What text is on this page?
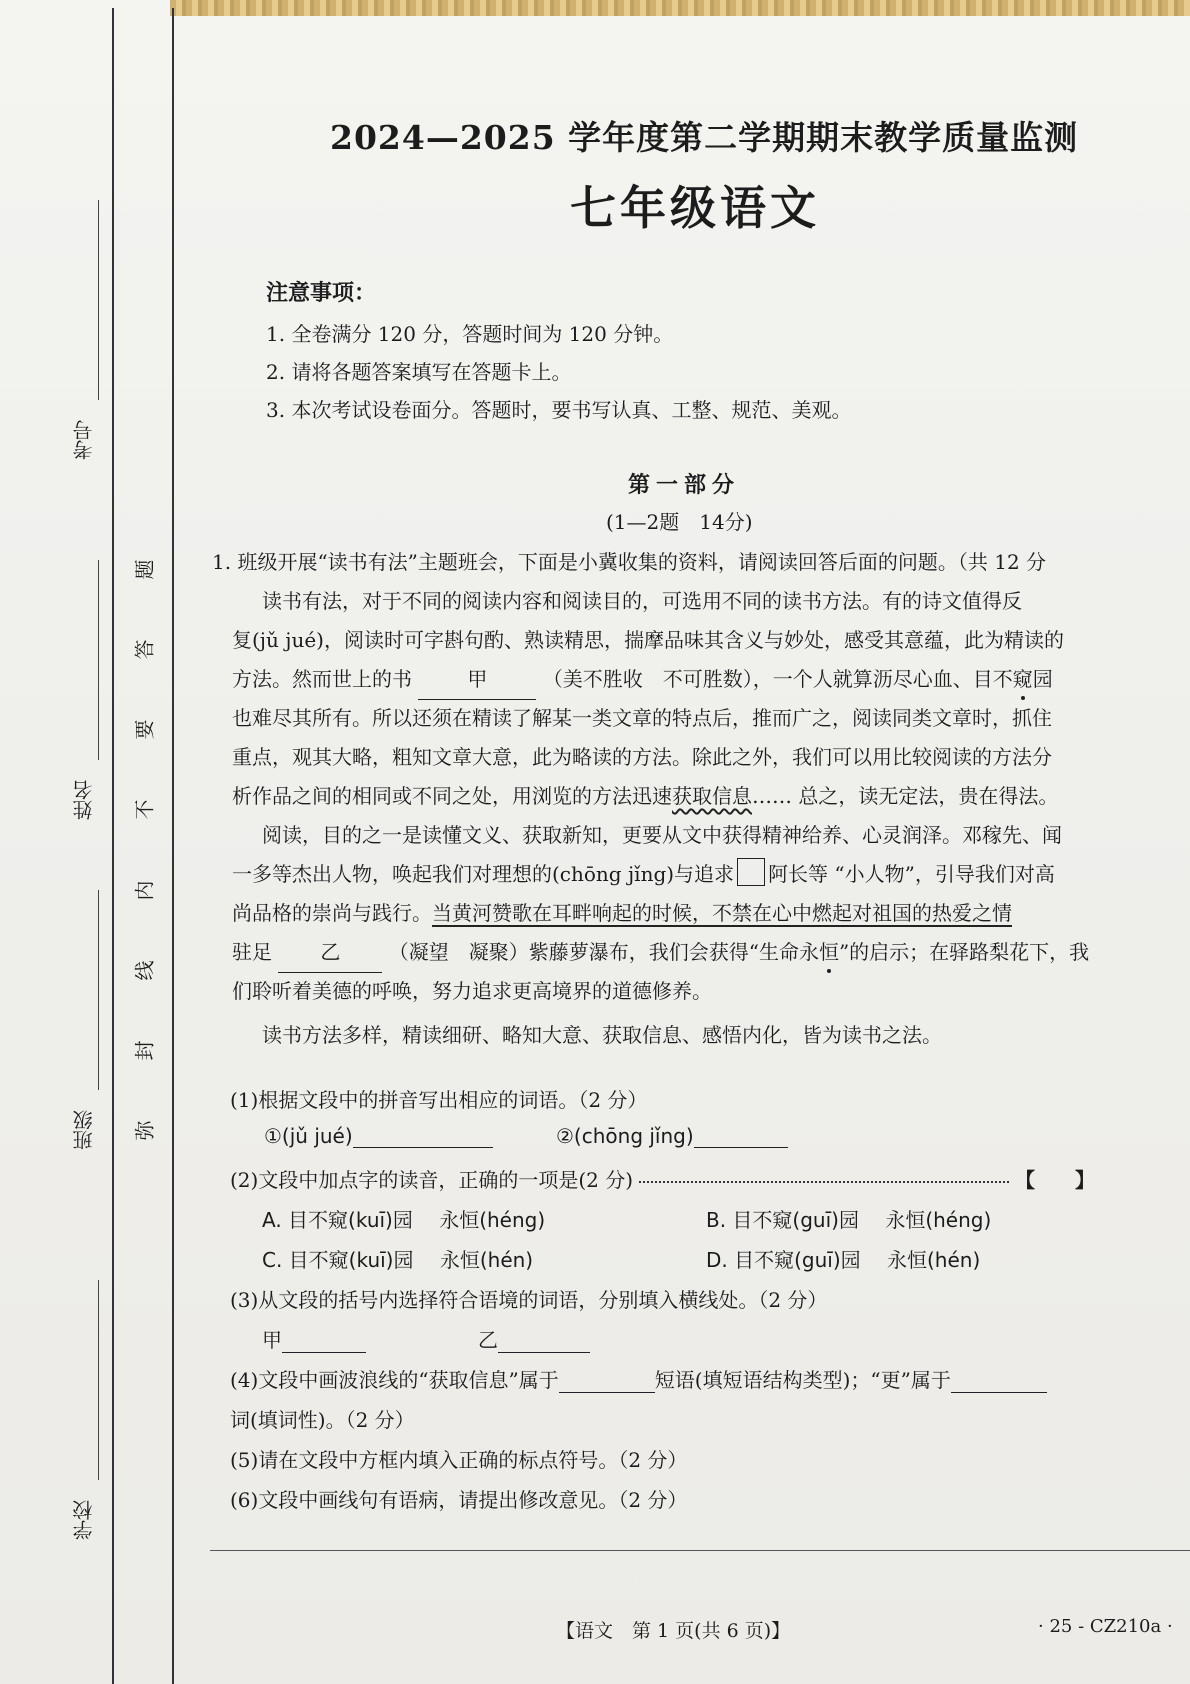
考号
姓名
班级
学校
题
答
要
不
内
线
封
弥
2024—2025 学年度第二学期期末教学质量监测
七年级语文
注意事项：
1. 全卷满分 120 分，答题时间为 120 分钟。
2. 请将各题答案填写在答题卡上。
3. 本次考试设卷面分。答题时，要书写认真、工整、规范、美观。
第一部分
(1—2题　14分)
1. 班级开展“读书有法”主题班会，下面是小冀收集的资料，请阅读回答后面的问题。（共 12 分
读书有法，对于不同的阅读内容和阅读目的，可选用不同的读书方法。有的诗文值得反
复(jǔ jué)，阅读时可字斟句酌、熟读精思，揣摩品味其含义与妙处，感受其意蕴，此为精读的
方法。然而世上的书	甲	（美不胜收　不可胜数），一个人就算沥尽心血、目不窥园
也难尽其所有。所以还须在精读了解某一类文章的特点后，推而广之，阅读同类文章时，抓住
重点，观其大略，粗知文章大意，此为略读的方法。除此之外，我们可以用比较阅读的方法分
析作品之间的相同或不同之处，用浏览的方法迅速获取信息…… 总之，读无定法，贵在得法。
阅读，目的之一是读懂文义、获取新知，更要从文中获得精神给养、心灵润泽。邓稼先、闻
一多等杰出人物，唤起我们对理想的(chōng jǐng)与追求 阿长等 “小人物”，引导我们对高
尚品格的崇尚与践行。当黄河赞歌在耳畔响起的时候，不禁在心中燃起对祖国的热爱之情
驻足 乙 （凝望　凝聚）紫藤萝瀑布，我们会获得“生命永恒”的启示；在驿路梨花下，我
们聆听着美德的呼唤，努力追求更高境界的道德修养。
读书方法多样，精读细研、略知大意、获取信息、感悟内化，皆为读书之法。
(1)根据文段中的拼音写出相应的词语。（2 分）
①(jǔ jué)	②(chōng jǐng)
(2)文段中加点字的读音，正确的一项是(2 分)	【　　】
A. 目不窥(kuī)园　 永恒(héng)	B. 目不窥(guī)园　 永恒(héng)
C. 目不窥(kuī)园　 永恒(hén)	D. 目不窥(guī)园　 永恒(hén)
(3)从文段的括号内选择符合语境的词语，分别填入横线处。（2 分）
甲	乙
(4)文段中画波浪线的“获取信息”属于	短语(填短语结构类型)；“更”属于
词(填词性)。（2 分）
(5)请在文段中方框内填入正确的标点符号。（2 分）
(6)文段中画线句有语病，请提出修改意见。（2 分）
【语文　第 1 页(共 6 页)】	· 25 - CZ210a ·
